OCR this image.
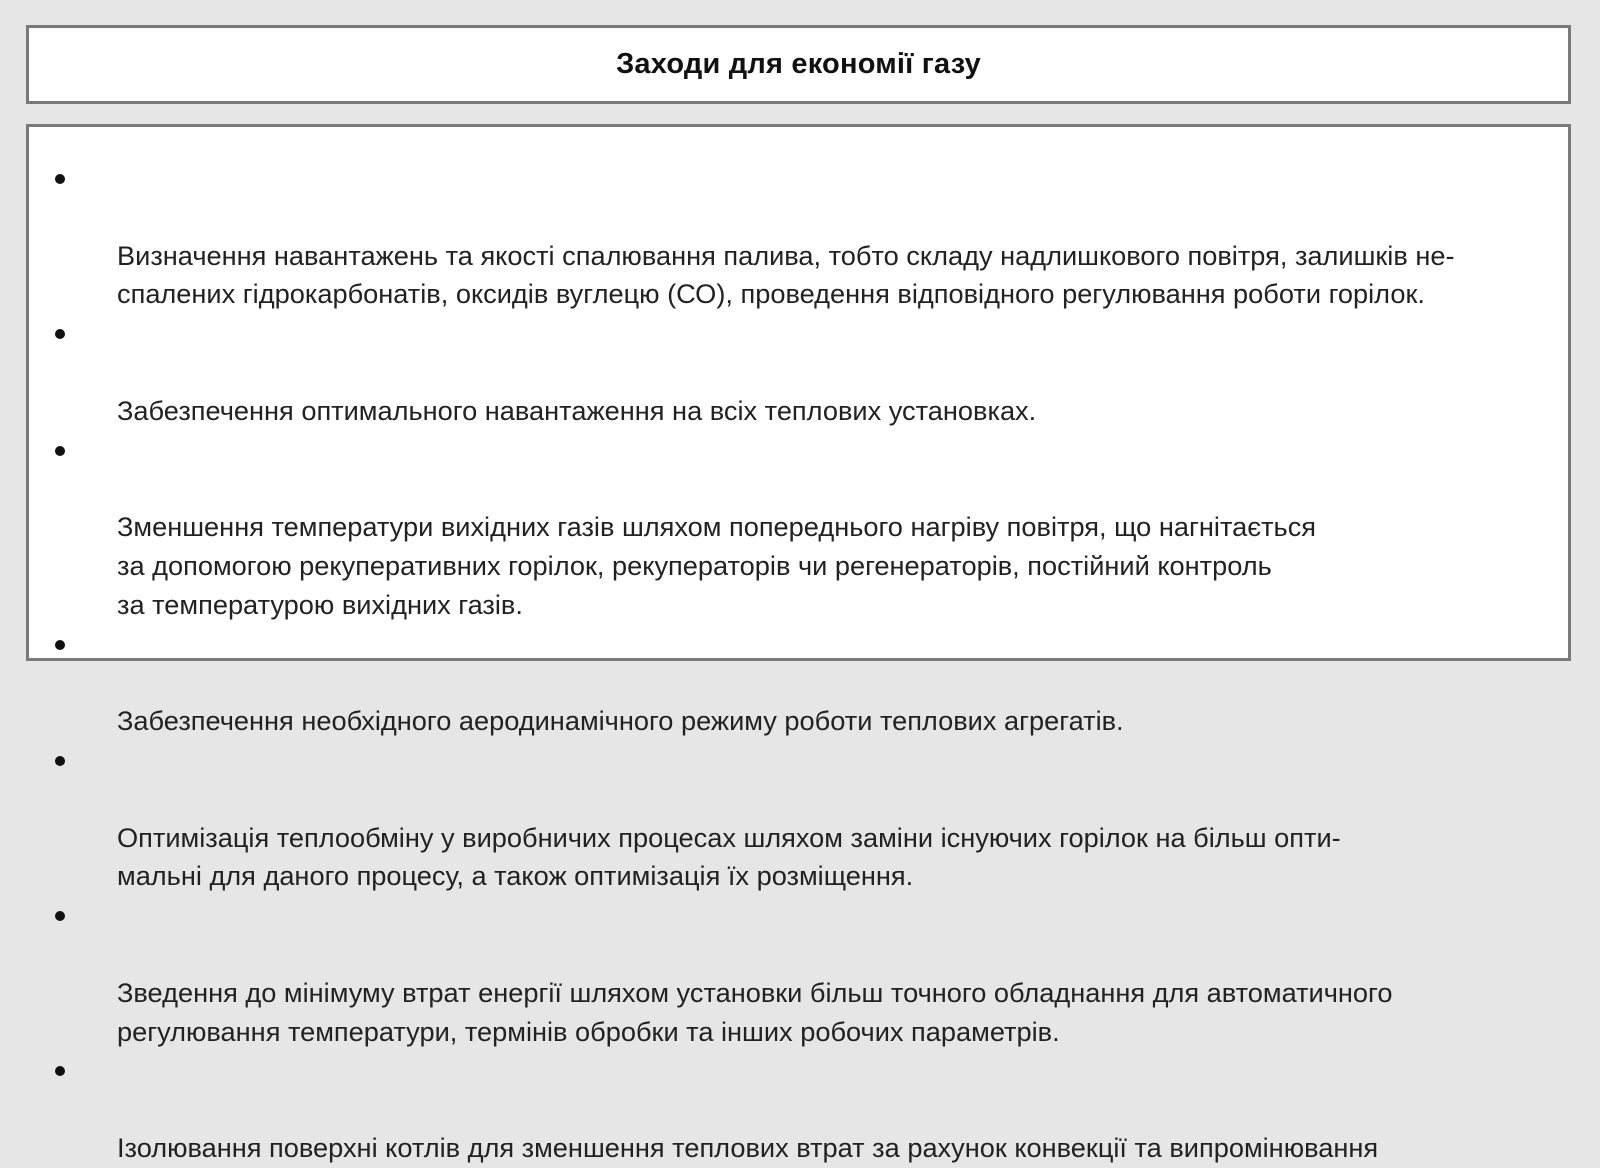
Заходи для економії газу

Визначення навантажень та якості спалювання палива, тобто складу надлишкового повітря, залишків не-
спалених гідрокарбонатів, оксидів вуглецю (СО), проведення відповідного регулювання роботи горілок.

Забезпечення оптимального навантаження на всіх теплових установках.

Зменшення температури вихідних газів шляхом попереднього нагріву повітря, що нагнітається
за допомогою рекуперативних горілок, рекуператорів чи регенераторів, постійний контроль
за температурою вихідних газів.

Забезпечення необхідного аеродинамічного режиму роботи теплових агрегатів.

Оптимізація теплообміну у виробничих процесах шляхом заміни існуючих горілок на більш опти-
мальні для даного процесу, а також оптимізація їх розміщення.

Зведення до мінімуму втрат енергії шляхом установки більш точного обладнання для автоматичного
регулювання температури, термінів обробки та інших робочих параметрів.

Ізолювання поверхні котлів для зменшення теплових втрат за рахунок конвекції та випромінювання
